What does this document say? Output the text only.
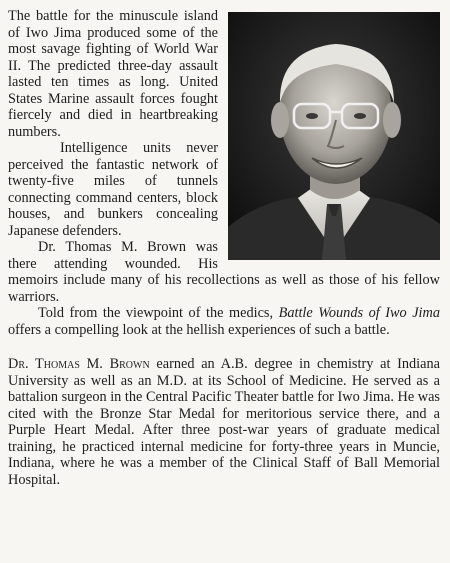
The battle for the minuscule island of Iwo Jima produced some of the most savage fighting of World War II. The predicted three-day assault lasted ten times as long. United States Marine assault forces fought fiercely and died in heartbreaking numbers.

Intelligence units never perceived the fantastic network of twenty-five miles of tunnels connecting command centers, block houses, and bunkers concealing Japanese defenders.

Dr. Thomas M. Brown was there attending wounded. His memoirs include many of his recollections as well as those of his fellow warriors.

Told from the viewpoint of the medics, Battle Wounds of Iwo Jima offers a compelling look at the hellish experiences of such a battle.

Dr. Thomas M. Brown earned an A.B. degree in chemistry at Indiana University as well as an M.D. at its School of Medicine. He served as a battalion surgeon in the Central Pacific Theater battle for Iwo Jima. He was cited with the Bronze Star Medal for meritorious service there, and a Purple Heart Medal. After three post-war years of graduate medical training, he practiced internal medicine for forty-three years in Muncie, Indiana, where he was a member of the Clinical Staff of Ball Memorial Hospital.
